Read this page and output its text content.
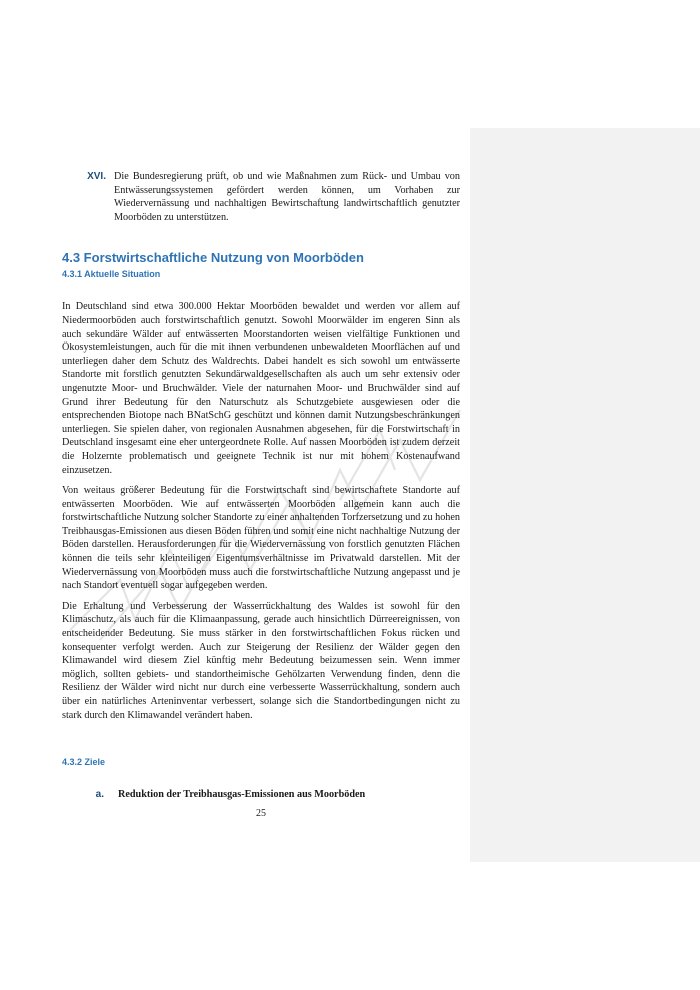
XVI. Die Bundesregierung prüft, ob und wie Maßnahmen zum Rück- und Umbau von Entwässerungssystemen gefördert werden können, um Vorhaben zur Wiedervernässung und nachhaltigen Bewirtschaftung landwirtschaftlich genutzter Moorböden zu unterstützen.
4.3 Forstwirtschaftliche Nutzung von Moorböden
4.3.1 Aktuelle Situation

In Deutschland sind etwa 300.000 Hektar Moorböden bewaldet und werden vor allem auf Niedermoorböden auch forstwirtschaftlich genutzt. Sowohl Moorwälder im engeren Sinn als auch sekundäre Wälder auf entwässerten Moorstandorten weisen vielfältige Funktionen und Ökosystemleistungen, auch für die mit ihnen verbundenen unbewaldeten Moorflächen auf und unterliegen daher dem Schutz des Waldrechts. Dabei handelt es sich sowohl um entwässerte Standorte mit forstlich genutzten Sekundärwaldgesellschaften als auch um sehr extensiv oder ungenutzte Moor- und Bruchwälder. Viele der naturnahen Moor- und Bruchwälder sind auf Grund ihrer Bedeutung für den Naturschutz als Schutzgebiete ausgewiesen oder die entsprechenden Biotope nach BNatSchG geschützt und können damit Nutzungsbeschränkungen unterliegen. Sie spielen daher, von regionalen Ausnahmen abgesehen, für die Forstwirtschaft in Deutschland insgesamt eine eher untergeordnete Rolle. Auf nassen Moorböden ist zudem derzeit die Holzernte problematisch und geeignete Technik ist nur mit hohem Kostenaufwand einzusetzen.

Von weitaus größerer Bedeutung für die Forstwirtschaft sind bewirtschaftete Standorte auf entwässerten Moorböden. Wie auf entwässerten Moorböden allgemein kann auch die forstwirtschaftliche Nutzung solcher Standorte zu einer anhaltenden Torfzersetzung und zu hohen Treibhausgas-Emissionen aus diesen Böden führen und somit eine nicht nachhaltige Nutzung der Böden darstellen. Herausforderungen für die Wiedervernässung von forstlich genutzten Flächen können die teils sehr kleinteiligen Eigentumsverhältnisse im Privatwald darstellen. Mit der Wiedervernässung von Moorböden muss auch die forstwirtschaftliche Nutzung angepasst und je nach Standort eventuell sogar aufgegeben werden.

Die Erhaltung und Verbesserung der Wasserrückhaltung des Waldes ist sowohl für den Klimaschutz, als auch für die Klimaanpassung, gerade auch hinsichtlich Dürreereignissen, von entscheidender Bedeutung. Sie muss stärker in den forstwirtschaftlichen Fokus rücken und konsequenter verfolgt werden. Auch zur Steigerung der Resilienz der Wälder gegen den Klimawandel wird diesem Ziel künftig mehr Bedeutung beizumessen sein. Wenn immer möglich, sollten gebiets- und standortheimische Gehölzarten Verwendung finden, denn die Resilienz der Wälder wird nicht nur durch eine verbesserte Wasserrückhaltung, sondern auch über ein natürliches Arteninventar verbessert, solange sich die Standortbedingungen nicht zu stark durch den Klimawandel verändert haben.

4.3.2 Ziele
a.	Reduktion der Treibhausgas-Emissionen aus Moorböden
25
